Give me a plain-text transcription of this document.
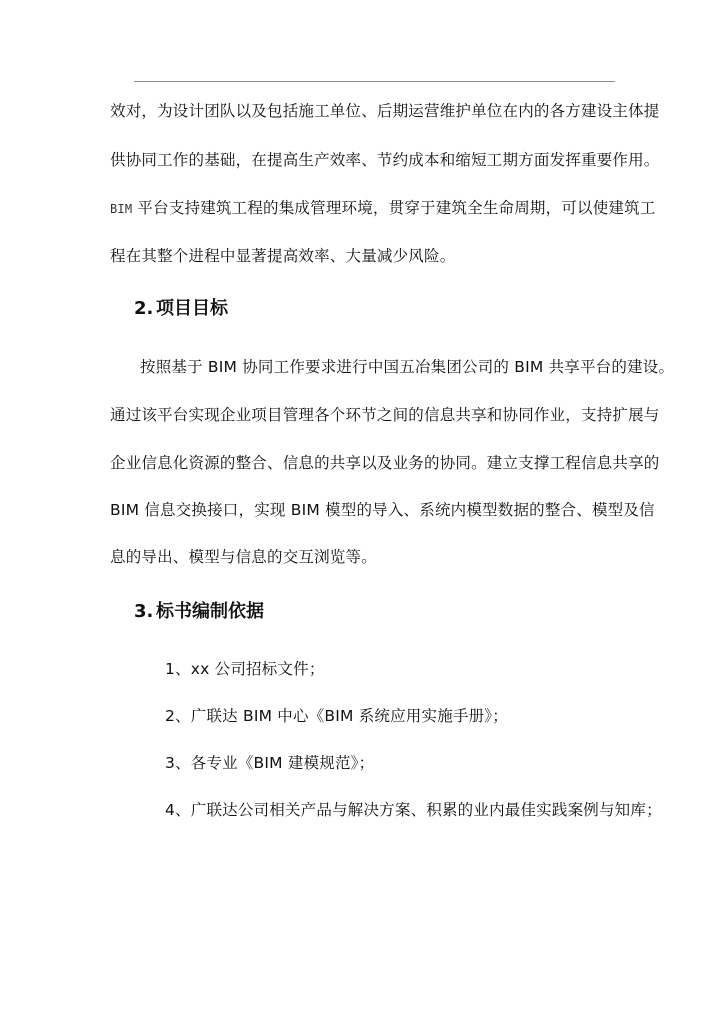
效对，为设计团队以及包括施工单位、后期运营维护单位在内的各方建设主体提
供协同工作的基础，在提高生产效率、节约成本和缩短工期方面发挥重要作用。
BIM 平台支持建筑工程的集成管理环境，贯穿于建筑全生命周期，可以使建筑工
程在其整个进程中显著提高效率、大量减少风险。
2. 项目目标
按照基于 BIM 协同工作要求进行中国五冶集团公司的 BIM 共享平台的建设。
通过该平台实现企业项目管理各个环节之间的信息共享和协同作业，支持扩展与
企业信息化资源的整合、信息的共享以及业务的协同。建立支撑工程信息共享的
BIM 信息交换接口，实现 BIM 模型的导入、系统内模型数据的整合、模型及信
息的导出、模型与信息的交互浏览等。
3. 标书编制依据
1、xx 公司招标文件；
2、广联达 BIM 中心《BIM 系统应用实施手册》；
3、各专业《BIM 建模规范》；
4、广联达公司相关产品与解决方案、积累的业内最佳实践案例与知库；
